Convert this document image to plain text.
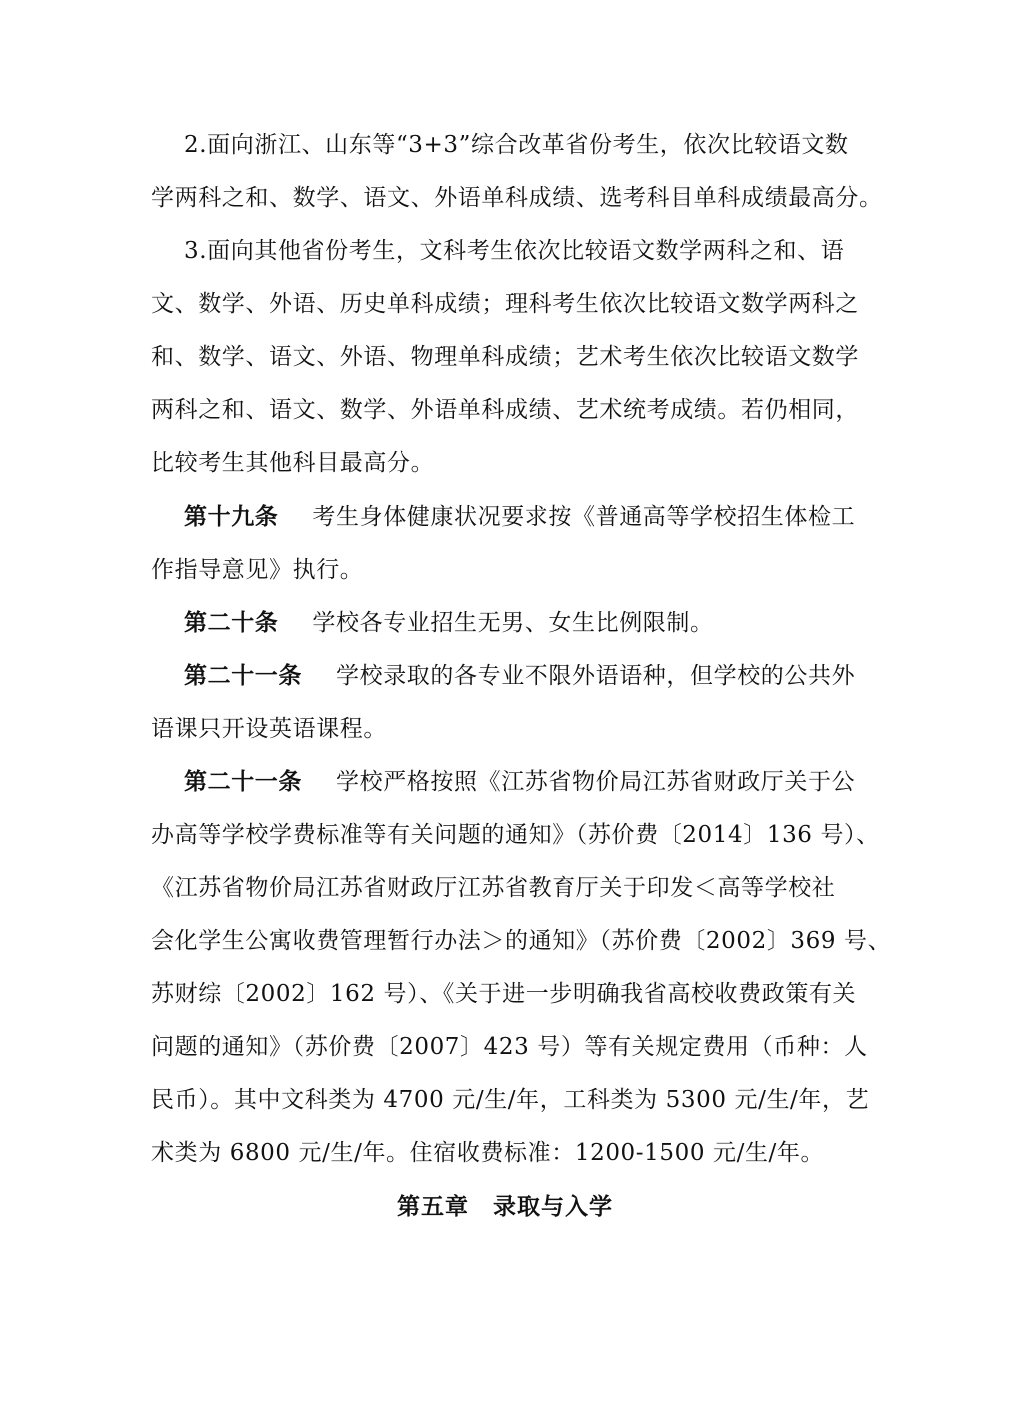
2.面向浙江、山东等“3+3”综合改革省份考生，依次比较语文数
学两科之和、数学、语文、外语单科成绩、选考科目单科成绩最高分。
3.面向其他省份考生，文科考生依次比较语文数学两科之和、语
文、数学、外语、历史单科成绩；理科考生依次比较语文数学两科之
和、数学、语文、外语、物理单科成绩；艺术考生依次比较语文数学
两科之和、语文、数学、外语单科成绩、艺术统考成绩。若仍相同，
比较考生其他科目最高分。
第十九条 考生身体健康状况要求按《普通高等学校招生体检工
作指导意见》执行。
第二十条 学校各专业招生无男、女生比例限制。
第二十一条 学校录取的各专业不限外语语种，但学校的公共外
语课只开设英语课程。
第二十一条 学校严格按照《江苏省物价局江苏省财政厅关于公
办高等学校学费标准等有关问题的通知》（苏价费〔2014〕136 号）、
《江苏省物价局江苏省财政厅江苏省教育厅关于印发＜高等学校社
会化学生公寓收费管理暂行办法＞的通知》（苏价费〔2002〕369 号、
苏财综〔2002〕162 号）、《关于进一步明确我省高校收费政策有关
问题的通知》（苏价费〔2007〕423 号）等有关规定费用（币种：人
民币）。其中文科类为 4700 元/生/年，工科类为 5300 元/生/年，艺
术类为 6800 元/生/年。住宿收费标准：1200-1500 元/生/年。
第五章 录取与入学
